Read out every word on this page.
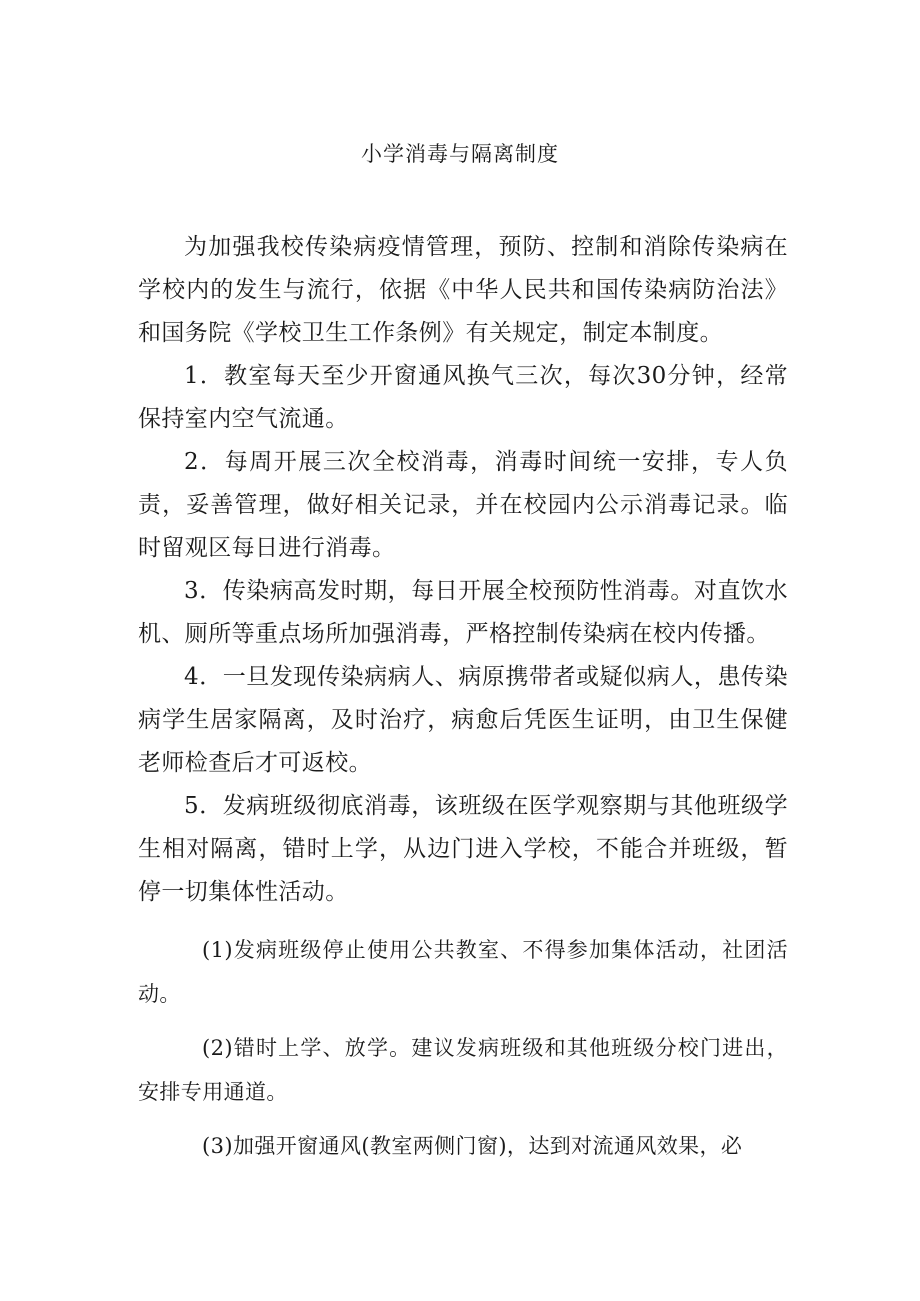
小学消毒与隔离制度

为加强我校传染病疫情管理，预防、控制和消除传染病在学校内的发生与流行，依据《中华人民共和国传染病防治法》和国务院《学校卫生工作条例》有关规定，制定本制度。

1．教室每天至少开窗通风换气三次，每次30分钟，经常保持室内空气流通。

2．每周开展三次全校消毒，消毒时间统一安排，专人负责，妥善管理，做好相关记录，并在校园内公示消毒记录。临时留观区每日进行消毒。

3．传染病高发时期，每日开展全校预防性消毒。对直饮水机、厕所等重点场所加强消毒，严格控制传染病在校内传播。

4．一旦发现传染病病人、病原携带者或疑似病人，患传染病学生居家隔离，及时治疗，病愈后凭医生证明，由卫生保健老师检查后才可返校。

5．发病班级彻底消毒，该班级在医学观察期与其他班级学生相对隔离，错时上学，从边门进入学校，不能合并班级，暂停一切集体性活动。

(1)发病班级停止使用公共教室、不得参加集体活动，社团活动。

(2)错时上学、放学。建议发病班级和其他班级分校门进出，安排专用通道。

(3)加强开窗通风(教室两侧门窗)，达到对流通风效果，必
